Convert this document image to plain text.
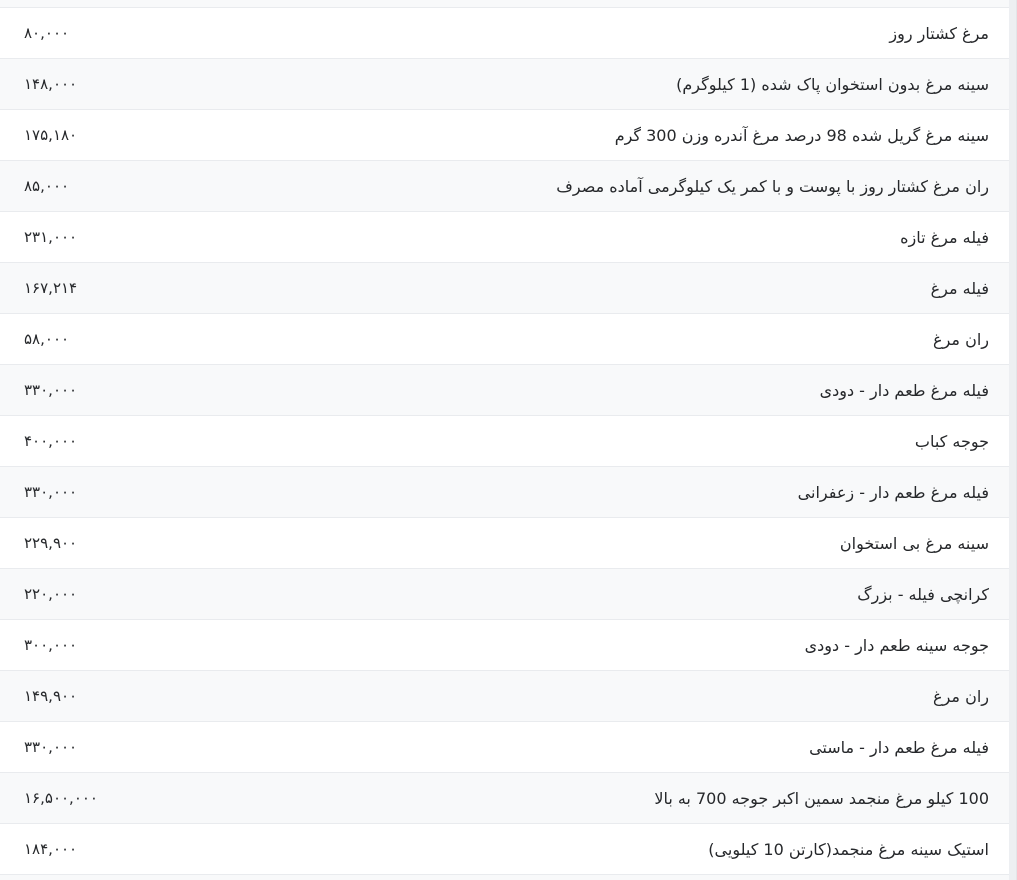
مرغ کشتار روز
۸۰,۰۰۰
سینه مرغ بدون استخوان پاک شده (1 کیلوگرم)
۱۴۸,۰۰۰
سینه مرغ گریل شده 98 درصد مرغ آندره وزن 300 گرم
۱۷۵,۱۸۰
ران مرغ کشتار روز با پوست و با کمر یک کیلوگرمی آماده مصرف
۸۵,۰۰۰
فیله مرغ تازه
۲۳۱,۰۰۰
فیله مرغ
۱۶۷,۲۱۴
ران مرغ
۵۸,۰۰۰
فیله مرغ طعم دار - دودی
۳۳۰,۰۰۰
جوجه کباب
۴۰۰,۰۰۰
فیله مرغ طعم دار - زعفرانی
۳۳۰,۰۰۰
سینه مرغ بی استخوان
۲۲۹,۹۰۰
کرانچی فیله - بزرگ
۲۲۰,۰۰۰
جوجه سینه طعم دار - دودی
۳۰۰,۰۰۰
ران مرغ
۱۴۹,۹۰۰
فیله مرغ طعم دار - ماستی
۳۳۰,۰۰۰
100 کیلو مرغ منجمد سمین اکبر جوجه 700 به بالا
۱۶,۵۰۰,۰۰۰
استیک سینه مرغ منجمد(کارتن 10 کیلویی)
۱۸۴,۰۰۰
